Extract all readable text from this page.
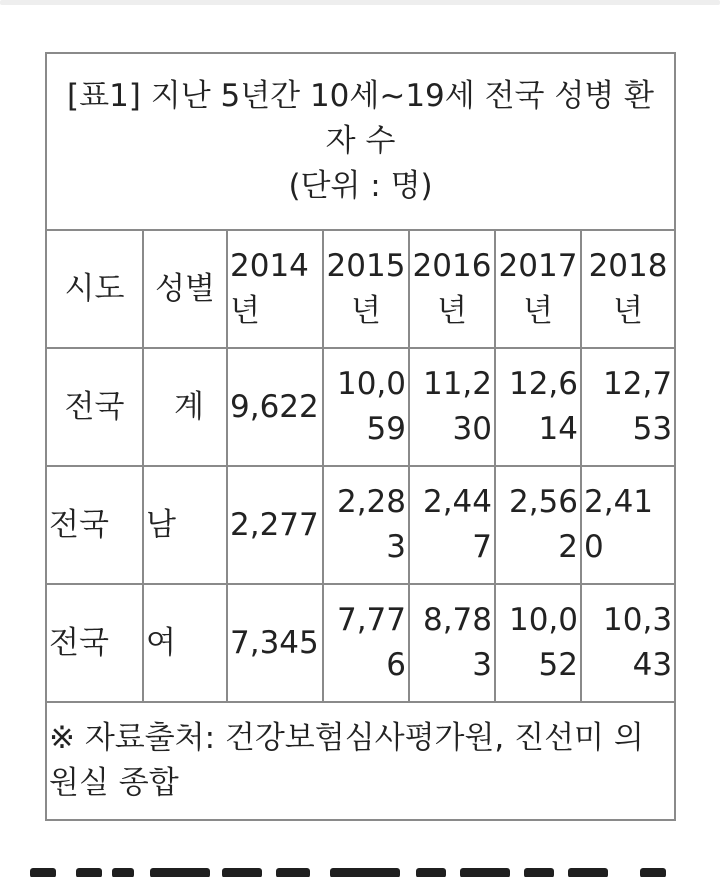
[표1] 지난 5년간 10세~19세 전국 성병 환
자 수
(단위 : 명)						

시도	성별	2014년	2015년	2016년	2017년	2018년
전국	계	9,622	10,059	11,230	12,614	12,753
전국	남	2,277	2,283	2,447	2,562	2,410
전국	여	7,345	7,776	8,783	10,052	10,343
※ 자료출처: 건강보험심사평가원, 진선미 의원실 종합						
